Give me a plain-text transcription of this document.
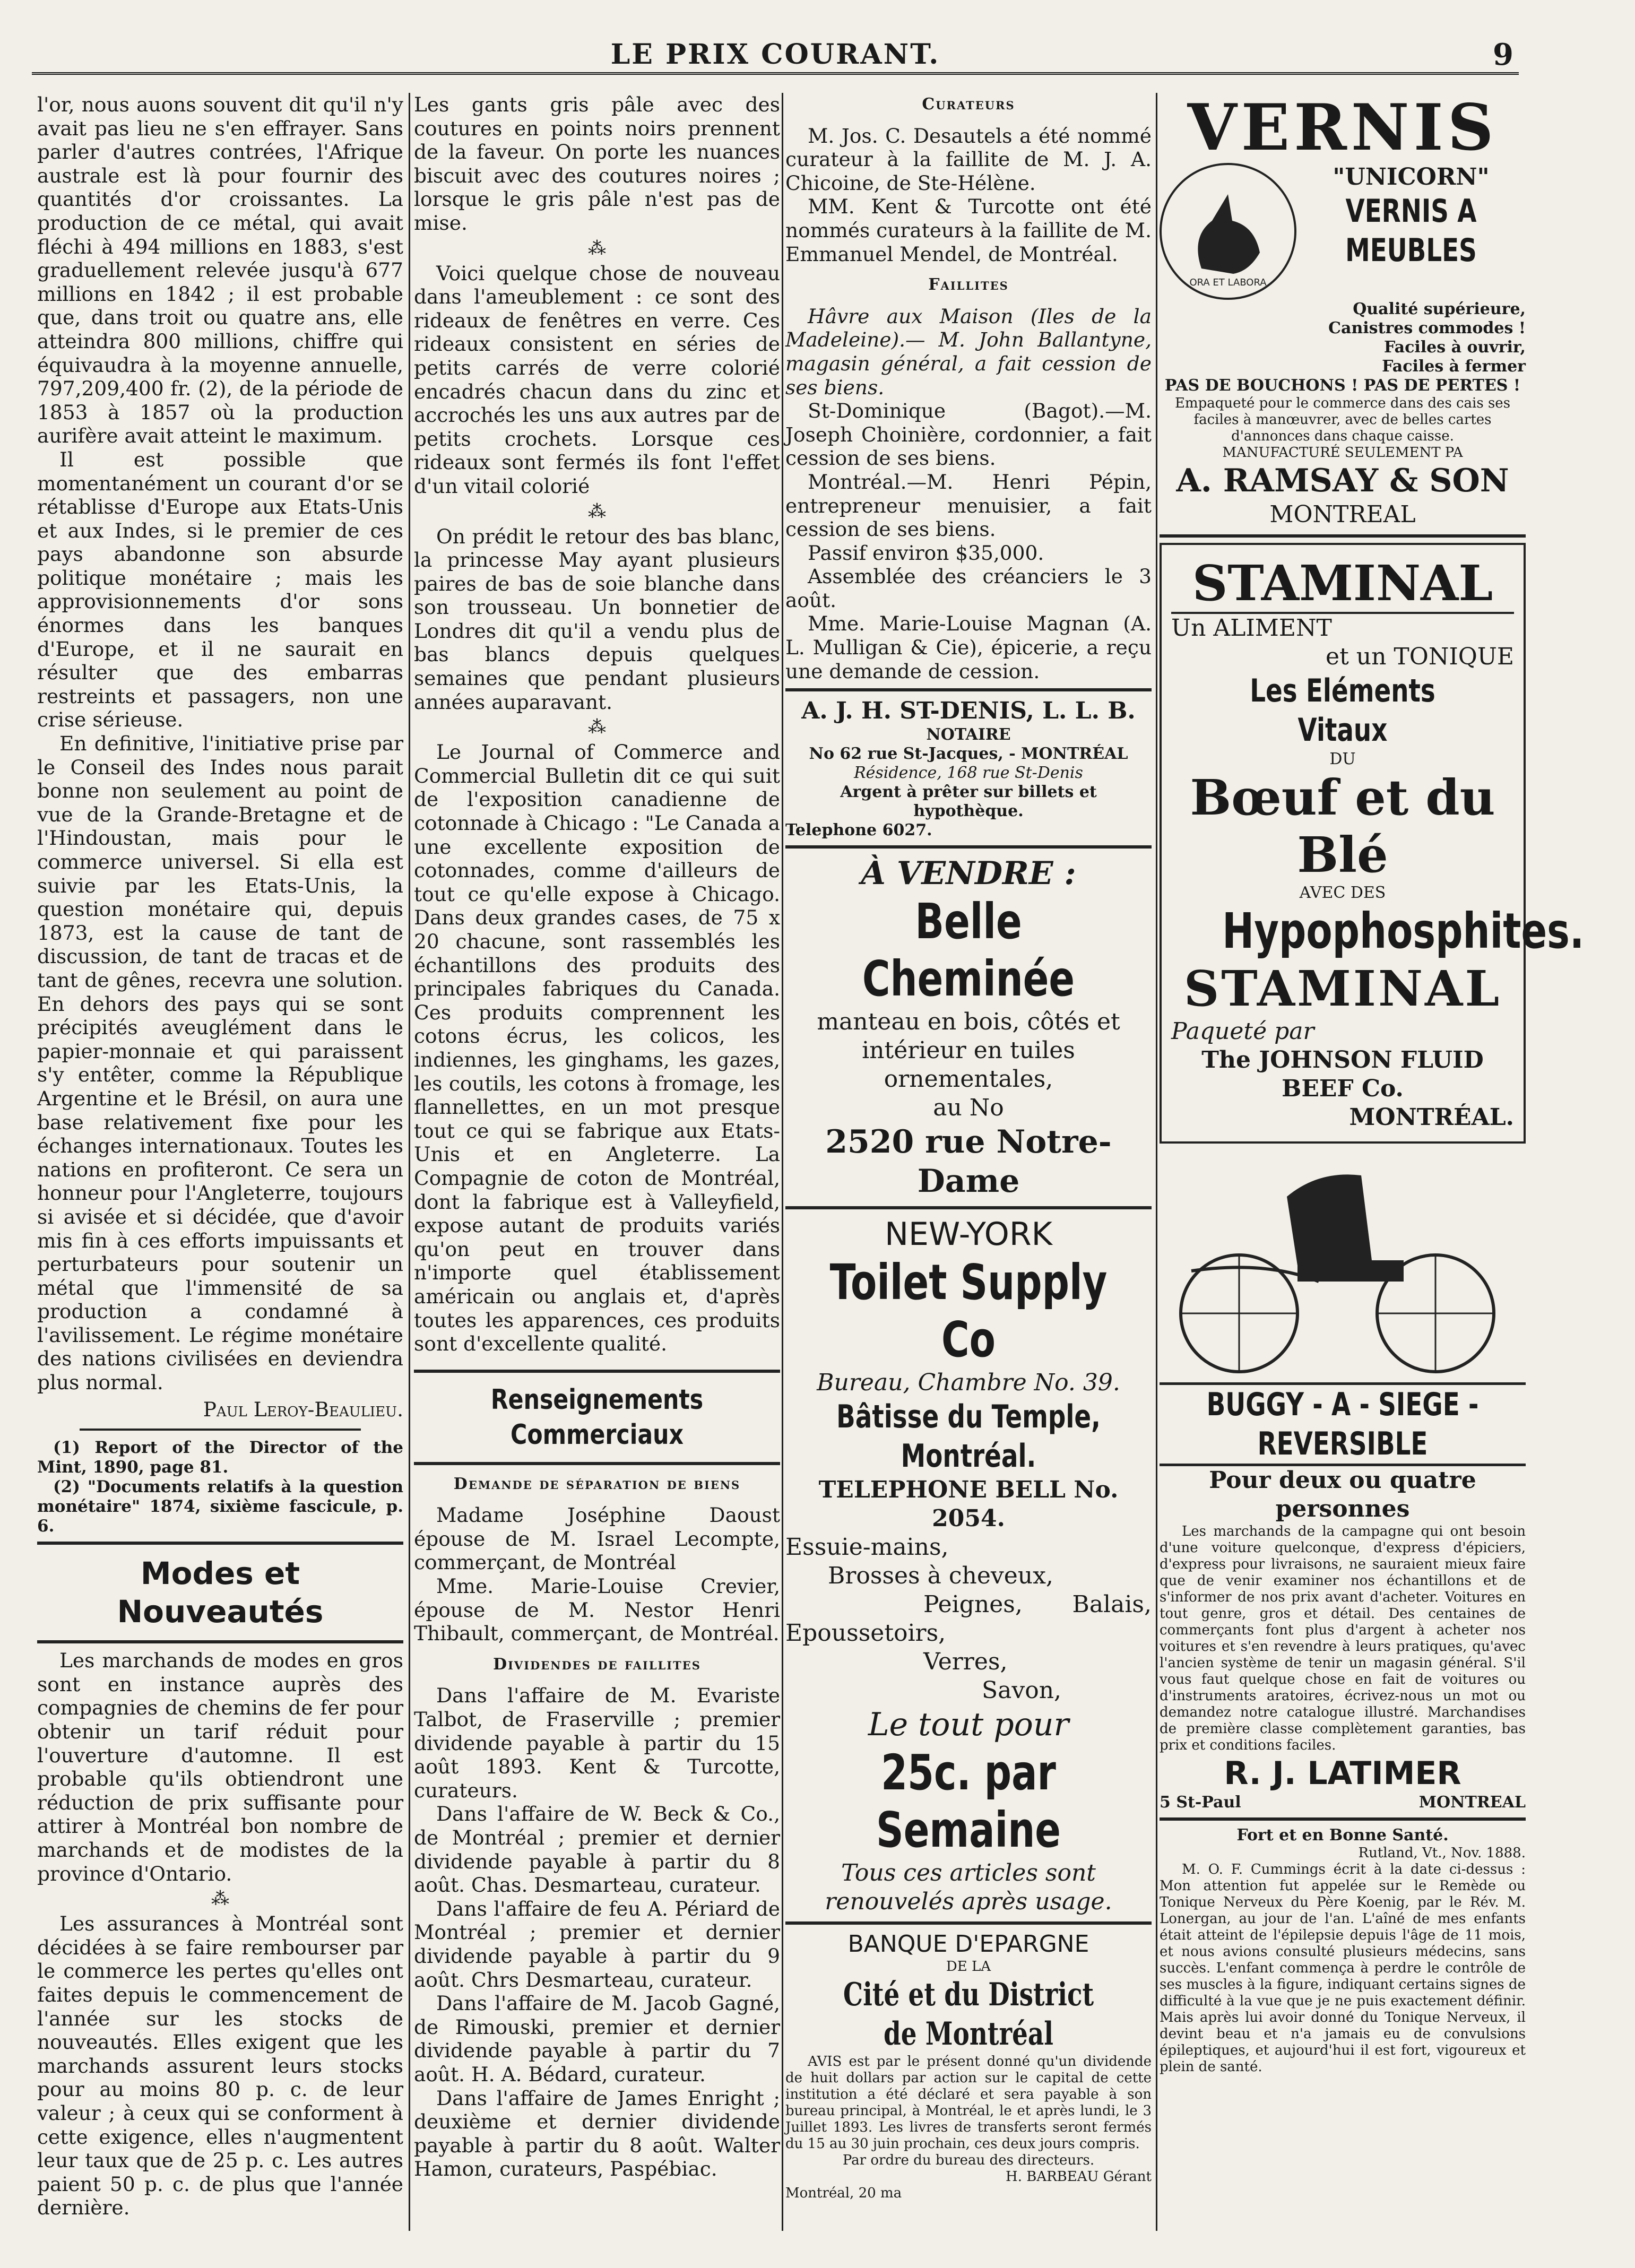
LE PRIX COURANT.	9

l'or, nous auons souvent dit qu'il n'y avait pas lieu ne s'en effrayer. Sans parler d'autres contrées, l'Afrique australe est là pour fournir des quantités d'or croissantes. La production de ce métal, qui avait fléchi à 494 millions en 1883, s'est graduellement relevée jusqu'à 677 millions en 1842 ; il est probable que, dans troit ou quatre ans, elle atteindra 800 millions, chiffre qui équivaudra à la moyenne annuelle, 797,209,400 fr. (2), de la période de 1853 à 1857 où la production aurifère avait atteint le maximum.

Il est possible que momentanément un courant d'or se rétablisse d'Europe aux Etats-Unis et aux Indes, si le premier de ces pays abandonne son absurde politique monétaire ; mais les approvisionnements d'or sons énormes dans les banques d'Europe, et il ne saurait en résulter que des embarras restreints et passagers, non une crise sérieuse.

En definitive, l'initiative prise par le Conseil des Indes nous parait bonne non seulement au point de vue de la Grande-Bretagne et de l'Hindoustan, mais pour le commerce universel. Si ella est suivie par les Etats-Unis, la question monétaire qui, depuis 1873, est la cause de tant de discussion, de tant de tracas et de tant de gênes, recevra une solution. En dehors des pays qui se sont précipités aveuglément dans le papier-monnaie et qui paraissent s'y entêter, comme la République Argentine et le Brésil, on aura une base relativement fixe pour les échanges internationaux. Toutes les nations en profiteront. Ce sera un honneur pour l'Angleterre, toujours si avisée et si décidée, que d'avoir mis fin à ces efforts impuissants et perturbateurs pour soutenir un métal que l'immensité de sa production a condamné à l'avilissement. Le régime monétaire des nations civilisées en deviendra plus normal.

Paul Leroy-Beaulieu.

(1) Report of the Director of the Mint, 1890, page 81.

(2) "Documents relatifs à la question monétaire" 1874, sixième fascicule, p. 6.

Modes et Nouveautés

Les marchands de modes en gros sont en instance auprès des compagnies de chemins de fer pour obtenir un tarif réduit pour l'ouverture d'automne. Il est probable qu'ils obtiendront une réduction de prix suffisante pour attirer à Montréal bon nombre de marchands et de modistes de la province d'Ontario.

⁂

Les assurances à Montréal sont décidées à se faire rembourser par le commerce les pertes qu'elles ont faites depuis le commencement de l'année sur les stocks de nouveautés. Elles exigent que les marchands assurent leurs stocks pour au moins 80 p. c. de leur valeur ; à ceux qui se conforment à cette exigence, elles n'augmentent leur taux que de 25 p. c. Les autres paient 50 p. c. de plus que l'année dernière.

Les gants gris pâle avec des coutures en points noirs prennent de la faveur. On porte les nuances biscuit avec des coutures noires ; lorsque le gris pâle n'est pas de mise.

⁂

Voici quelque chose de nouveau dans l'ameublement : ce sont des rideaux de fenêtres en verre. Ces rideaux consistent en séries de petits carrés de verre colorié encadrés chacun dans du zinc et accrochés les uns aux autres par de petits crochets. Lorsque ces rideaux sont fermés ils font l'effet d'un vitail colorié

⁂

On prédit le retour des bas blanc, la princesse May ayant plusieurs paires de bas de soie blanche dans son trousseau. Un bonnetier de Londres dit qu'il a vendu plus de bas blancs depuis quelques semaines que pendant plusieurs années auparavant.

⁂

Le Journal of Commerce and Commercial Bulletin dit ce qui suit de l'exposition canadienne de cotonnade à Chicago : "Le Canada a une excellente exposition de cotonnades, comme d'ailleurs de tout ce qu'elle expose à Chicago. Dans deux grandes cases, de 75 x 20 chacune, sont rassemblés les échantillons des produits des principales fabriques du Canada. Ces produits comprennent les cotons écrus, les colicos, les indiennes, les ginghams, les gazes, les coutils, les cotons à fromage, les flannellettes, en un mot presque tout ce qui se fabrique aux Etats-Unis et en Angleterre. La Compagnie de coton de Montréal, dont la fabrique est à Valleyfield, expose autant de produits variés qu'on peut en trouver dans n'importe quel établissement américain ou anglais et, d'après toutes les apparences, ces produits sont d'excellente qualité.

Renseignements Commerciaux
Demande de séparation de biens

Madame Joséphine Daoust épouse de M. Israel Lecompte, commerçant, de Montréal

Mme. Marie-Louise Crevier, épouse de M. Nestor Henri Thibault, commerçant, de Montréal.

Dividendes de faillites

Dans l'affaire de M. Evariste Talbot, de Fraserville ; premier dividende payable à partir du 15 août 1893. Kent & Turcotte, curateurs.

Dans l'affaire de W. Beck & Co., de Montréal ; premier et dernier dividende payable à partir du 8 août. Chas. Desmarteau, curateur.

Dans l'affaire de feu A. Périard de Montréal ; premier et dernier dividende payable à partir du 9 août. Chrs Desmarteau, curateur.

Dans l'affaire de M. Jacob Gagné, de Rimouski, premier et dernier dividende payable à partir du 7 août. H. A. Bédard, curateur.

Dans l'affaire de James Enright ; deuxième et dernier dividende payable à partir du 8 août. Walter Hamon, curateurs, Paspébiac.

Curateurs

M. Jos. C. Desautels a été nommé curateur à la faillite de M. J. A. Chicoine, de Ste-Hélène.

MM. Kent & Turcotte ont été nommés curateurs à la faillite de M. Emmanuel Mendel, de Montréal.

Faillites

Hâvre aux Maison (Iles de la Madeleine).— M. John Ballantyne, magasin général, a fait cession de ses biens.

St-Dominique (Bagot).—M. Joseph Choinière, cordonnier, a fait cession de ses biens.

Montréal.—M. Henri Pépin, entrepreneur menuisier, a fait cession de ses biens.

Passif environ $35,000.

Assemblée des créanciers le 3 août.

Mme. Marie-Louise Magnan (A. L. Mulligan & Cie), épicerie, a reçu une demande de cession.

A. J. H. ST-DENIS, L. L. B.
NOTAIRE
No 62 rue St-Jacques, - MONTRÉAL
Résidence, 168 rue St-Denis
Argent à prêter sur billets et hypothèque.
Telephone 6027.
À VENDRE :
Belle Cheminée
manteau en bois, côtés et intérieur en tuiles ornementales,
au No
2520 rue Notre-Dame
NEW-YORK
Toilet Supply Co
Bureau, Chambre No. 39.
Bâtisse du Temple, Montréal.
TELEPHONE BELL No. 2054.
Essuie-mains,
Brosses à cheveux,
Peignes, Balais,
Epoussetoirs,
Verres,
Savon,
Le tout pour
25c. par Semaine
Tous ces articles sont renouvelés après usage.
BANQUE D'EPARGNE
DE LA
Cité et du District de Montréal

AVIS est par le présent donné qu'un dividende de huit dollars par action sur le capital de cette institution a été déclaré et sera payable à son bureau principal, à Montréal, le et après lundi, le 3 Juillet 1893. Les livres de transferts seront fermés du 15 au 30 juin prochain, ces deux jours compris.

Par ordre du bureau des directeurs.
H. BARBEAU Gérant
Montréal, 20 ma
VERNIS
ORA ET LABORA
"UNICORN"
VERNIS A MEUBLES
Qualité supérieure,
Canistres commodes !
Faciles à ouvrir,
Faciles à fermer
PAS DE BOUCHONS ! PAS DE PERTES !

Empaqueté pour le commerce dans des cais ses faciles à manœuvrer, avec de belles cartes d'annonces dans chaque caisse.

MANUFACTURÉ SEULEMENT PA
A. RAMSAY & SON
MONTREAL
STAMINAL
Un ALIMENT
et un TONIQUE
Les Eléments Vitaux
DU
Bœuf et du Blé
AVEC DES
Hypophosphites.
STAMINAL
Paqueté par
The JOHNSON FLUID BEEF Co.
MONTRÉAL.
BUGGY - A - SIEGE - REVERSIBLE
Pour deux ou quatre personnes

Les marchands de la campagne qui ont besoin d'une voiture quelconque, d'express d'épiciers, d'express pour livraisons, ne sauraient mieux faire que de venir examiner nos échantillons et de s'informer de nos prix avant d'acheter. Voitures en tout genre, gros et détail. Des centaines de commerçants font plus d'argent à acheter nos voitures et s'en revendre à leurs pratiques, qu'avec l'ancien système de tenir un magasin général. S'il vous faut quelque chose en fait de voitures ou d'instruments aratoires, écrivez-nous un mot ou demandez notre catalogue illustré. Marchandises de première classe complètement garanties, bas prix et conditions faciles.

R. J. LATIMER
5 St-Paul	MONTREAL
Fort et en Bonne Santé.
Rutland, Vt., Nov. 1888.

M. O. F. Cummings écrit à la date ci-dessus : Mon attention fut appelée sur le Remède ou Tonique Nerveux du Père Koenig, par le Rév. M. Lonergan, au jour de l'an. L'aîné de mes enfants était atteint de l'épilepsie depuis l'âge de 11 mois, et nous avions consulté plusieurs médecins, sans succès. L'enfant commença à perdre le contrôle de ses muscles à la figure, indiquant certains signes de difficulté à la vue que je ne puis exactement définir. Mais après lui avoir donné du Tonique Nerveux, il devint beau et n'a jamais eu de convulsions épileptiques, et aujourd'hui il est fort, vigoureux et plein de santé.
